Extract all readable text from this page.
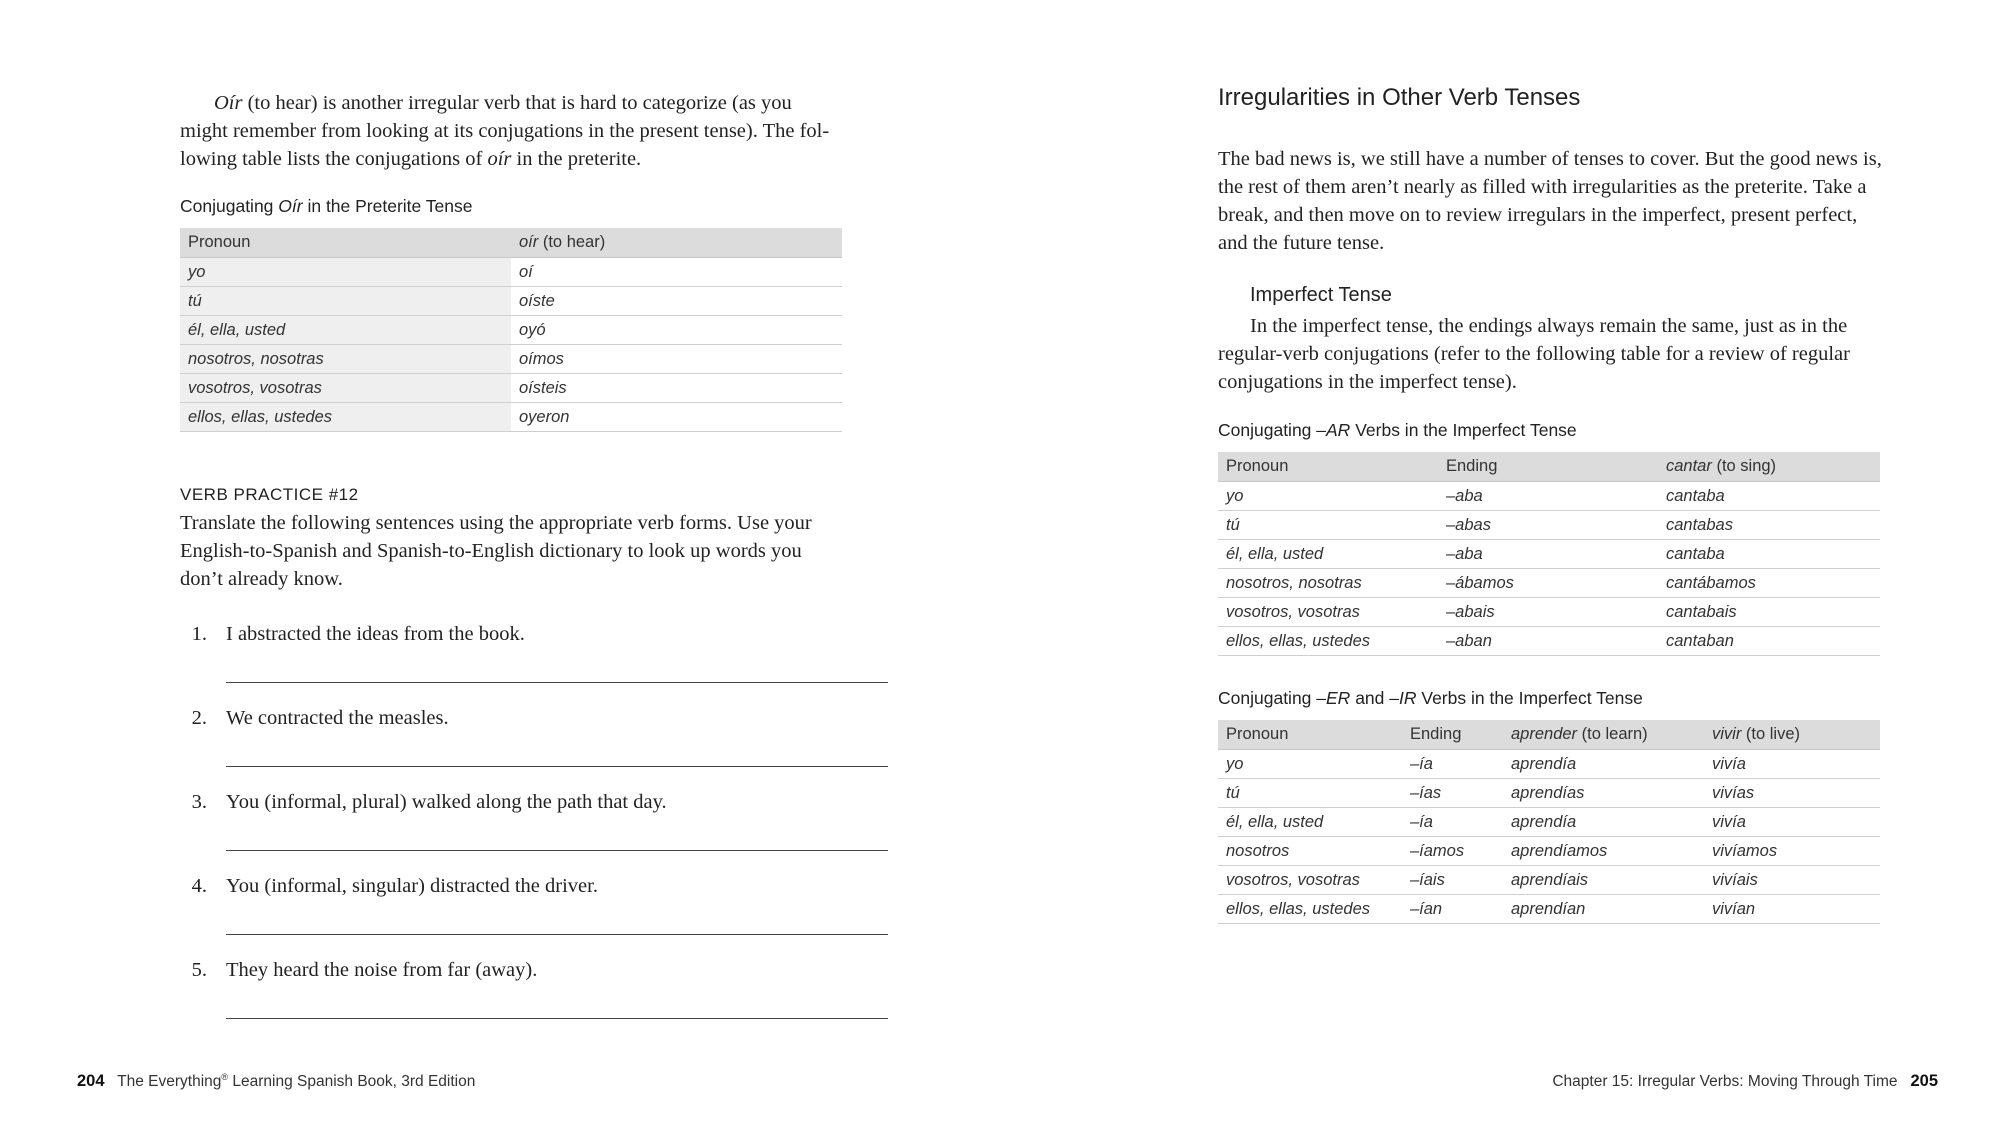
Oír (to hear) is another irregular verb that is hard to categorize (as you
might remember from looking at its conjugations in the present tense). The fol-
lowing table lists the conjugations of oír in the preterite.
Conjugating Oír in the Preterite Tense
Pronoun	oír (to hear)
yo	oí
tú	oíste
él, ella, usted	oyó
nosotros, nosotras	oímos
vosotros, vosotras	oísteis
ellos, ellas, ustedes	oyeron
VERB PRACTICE #12
Translate the following sentences using the appropriate verb forms. Use your
English-to-Spanish and Spanish-to-English dictionary to look up words you
don’t already know.
1. I abstracted the ideas from the book.
2. We contracted the measles.
3. You (informal, plural) walked along the path that day.
4. You (informal, singular) distracted the driver.
5. They heard the noise from far (away).
204 The Everything® Learning Spanish Book, 3rd Edition
Irregularities in Other Verb Tenses
The bad news is, we still have a number of tenses to cover. But the good news is,
the rest of them aren’t nearly as filled with irregularities as the preterite. Take a
break, and then move on to review irregulars in the imperfect, present perfect,
and the future tense.
Imperfect Tense
In the imperfect tense, the endings always remain the same, just as in the
regular-verb conjugations (refer to the following table for a review of regular
conjugations in the imperfect tense).
Conjugating –AR Verbs in the Imperfect Tense
Pronoun	Ending	cantar (to sing)
yo	–aba	cantaba
tú	–abas	cantabas
él, ella, usted	–aba	cantaba
nosotros, nosotras	–ábamos	cantábamos
vosotros, vosotras	–abais	cantabais
ellos, ellas, ustedes	–aban	cantaban
Conjugating –ER and –IR Verbs in the Imperfect Tense
Pronoun	Ending	aprender (to learn)	vivir (to live)
yo	–ía	aprendía	vivía
tú	–ías	aprendías	vivías
él, ella, usted	–ía	aprendía	vivía
nosotros	–íamos	aprendíamos	vivíamos
vosotros, vosotras	–íais	aprendíais	vivíais
ellos, ellas, ustedes	–ían	aprendían	vivían
Chapter 15: Irregular Verbs: Moving Through Time 205
